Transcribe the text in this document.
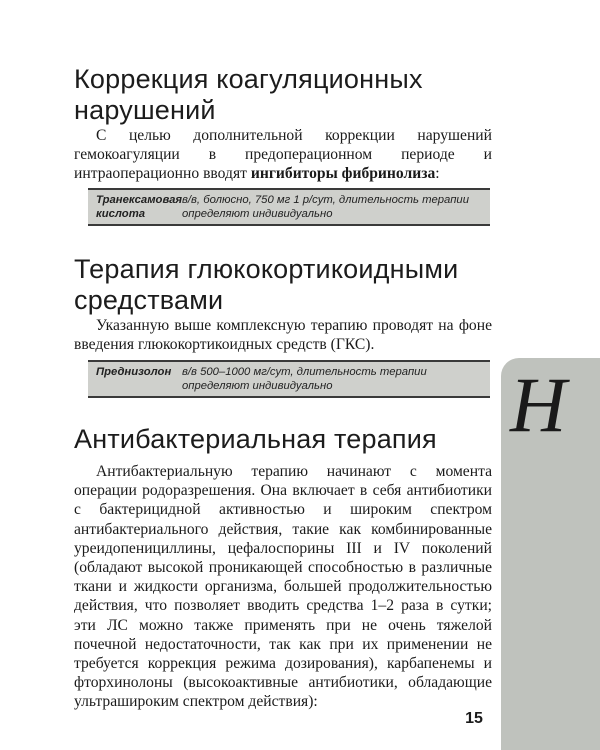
Коррекция коагуляционных
нарушений

С целью дополнительной коррекции нарушений гемокоагуляции в предоперационном периоде и интраоперационно вводят ингибиторы фибринолиза:

Транексамовая кислота
в/в, болюсно, 750 мг 1 р/сут, длительность терапии определяют индивидуально
Терапия глюкокортикоидными
средствами

Указанную выше комплексную терапию проводят на фоне введения глюкокортикоидных средств (ГКС).

Преднизолон в/в 500–1000 мг/сут, длительность терапии определяют индивидуально	Н
Антибактериальная терапия

Антибактериальную терапию начинают с момента операции родоразрешения. Она включает в себя антибиотики с бактерицидной активностью и широким спектром антибактериального действия, такие как комбинированные уреидопенициллины, цефалоспорины III и IV поколений (обладают высокой проникающей способностью в различные ткани и жидкости организма, большей продолжительностью действия, что позволяет вводить средства 1–2 раза в сутки; эти ЛС можно также применять при не очень тяжелой почечной недостаточности, так как при их применении не требуется коррекция режима дозирования), карбапенемы и фторхинолоны (высокоактивные антибиотики, обладающие ультрашироким спектром действия):

15
